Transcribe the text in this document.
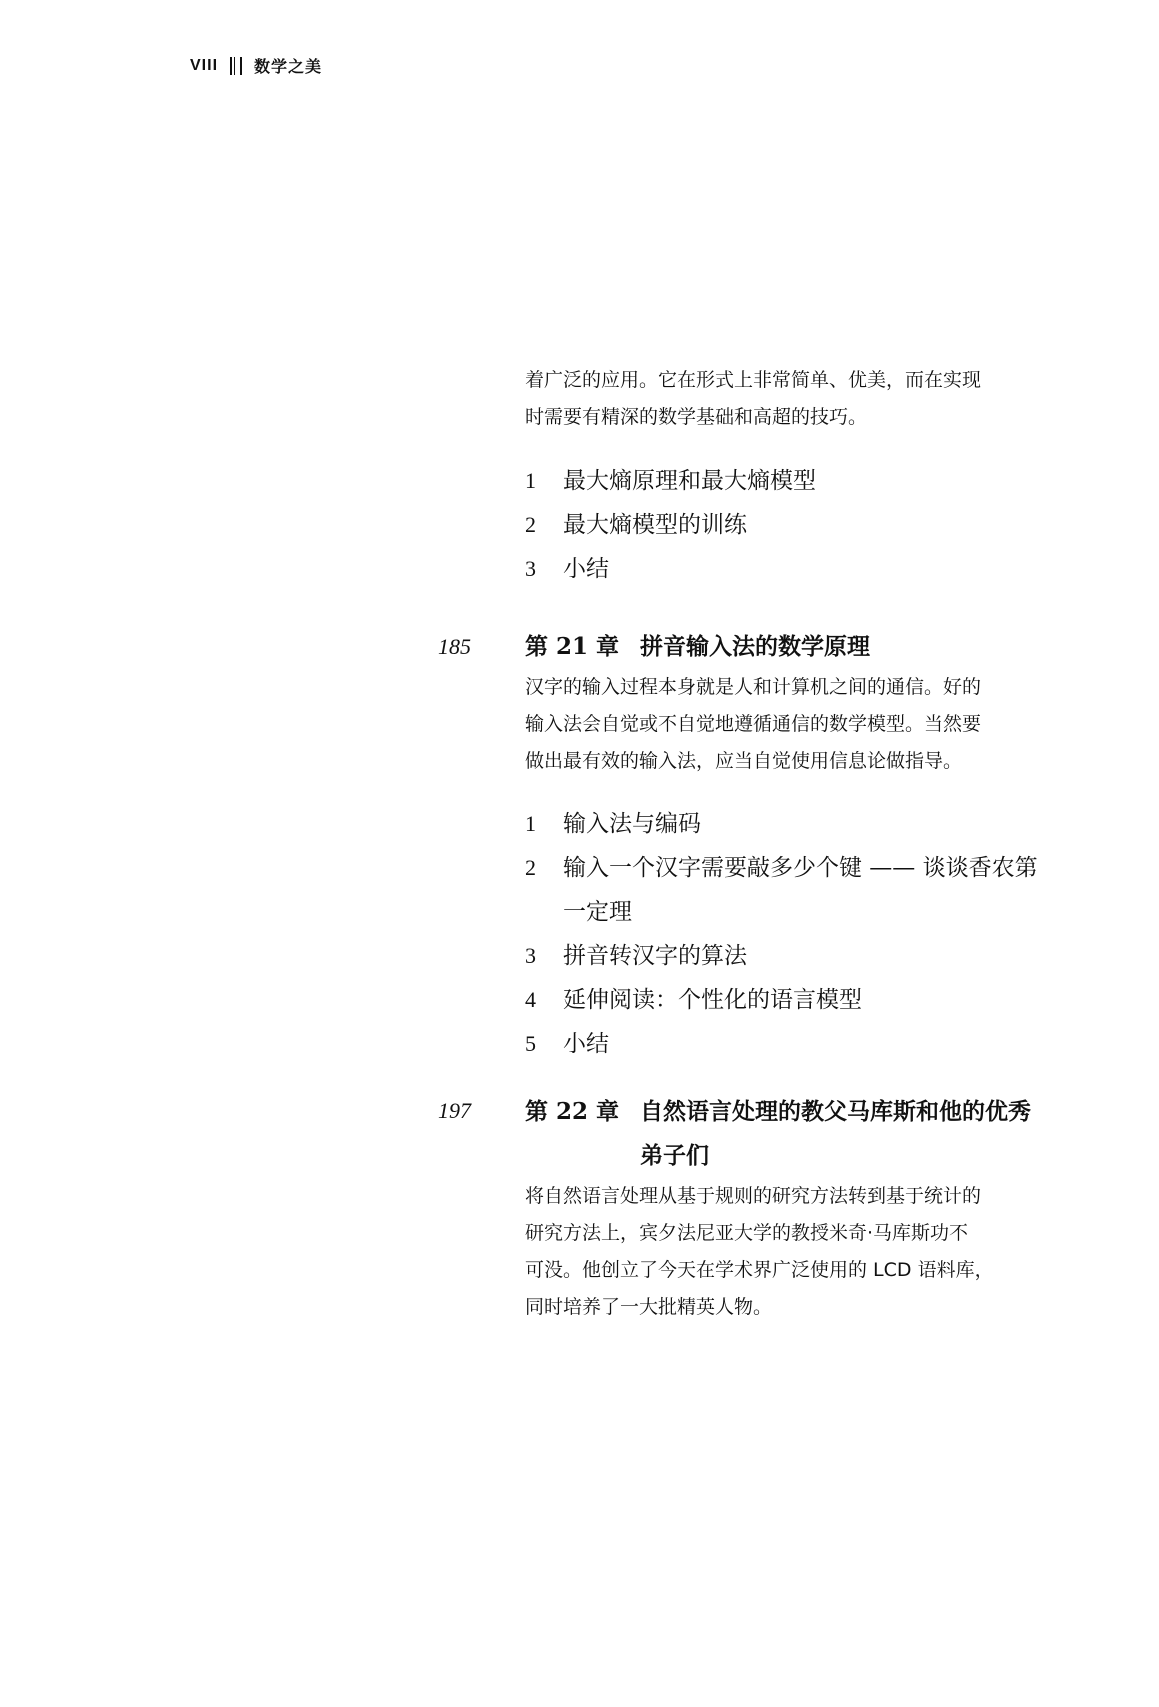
VIII 数学之美
着广泛的应用。它在形式上非常简单、优美，而在实现
时需要有精深的数学基础和高超的技巧。
1	最大熵原理和最大熵模型
2	最大熵模型的训练
3	小结
185 第 21 章 拼音输入法的数学原理
汉字的输入过程本身就是人和计算机之间的通信。好的
输入法会自觉或不自觉地遵循通信的数学模型。当然要
做出最有效的输入法，应当自觉使用信息论做指导。
1	输入法与编码
2	输入一个汉字需要敲多少个键 —— 谈谈香农第一定理
3	拼音转汉字的算法
4	延伸阅读：个性化的语言模型
5	小结
197 第 22 章 自然语言处理的教父马库斯和他的优秀弟子们
将自然语言处理从基于规则的研究方法转到基于统计的
研究方法上，宾夕法尼亚大学的教授米奇·马库斯功不
可没。他创立了今天在学术界广泛使用的 LCD 语料库，
同时培养了一大批精英人物。
